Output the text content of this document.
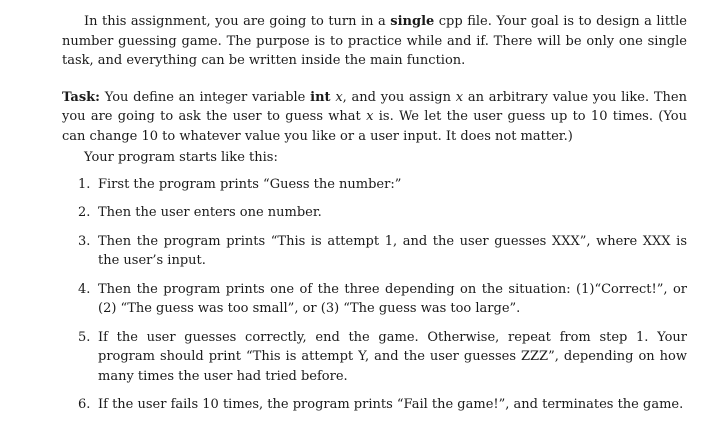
In this assignment, you are going to turn in a single cpp file. Your goal is to design a little number guessing game. The purpose is to practice while and if. There will be only one single task, and everything can be written inside the main function.

Task: You define an integer variable int x, and you assign x an arbitrary value you like. Then you are going to ask the user to guess what x is. We let the user guess up to 10 times. (You can change 10 to whatever value you like or a user input. It does not matter.)

Your program starts like this:

1. First the program prints “Guess the number:”
2. Then the user enters one number.
3. Then the program prints “This is attempt 1, and the user guesses XXX”, where XXX is the user’s input.
4. Then the program prints one of the three depending on the situation: (1)“Correct!”, or (2) “The guess was too small”, or (3) “The guess was too large”.
5. If the user guesses correctly, end the game. Otherwise, repeat from step 1. Your program should print “This is attempt Y, and the user guesses ZZZ”, depending on how many times the user had tried before.
6. If the user fails 10 times, the program prints “Fail the game!”, and terminates the game.
